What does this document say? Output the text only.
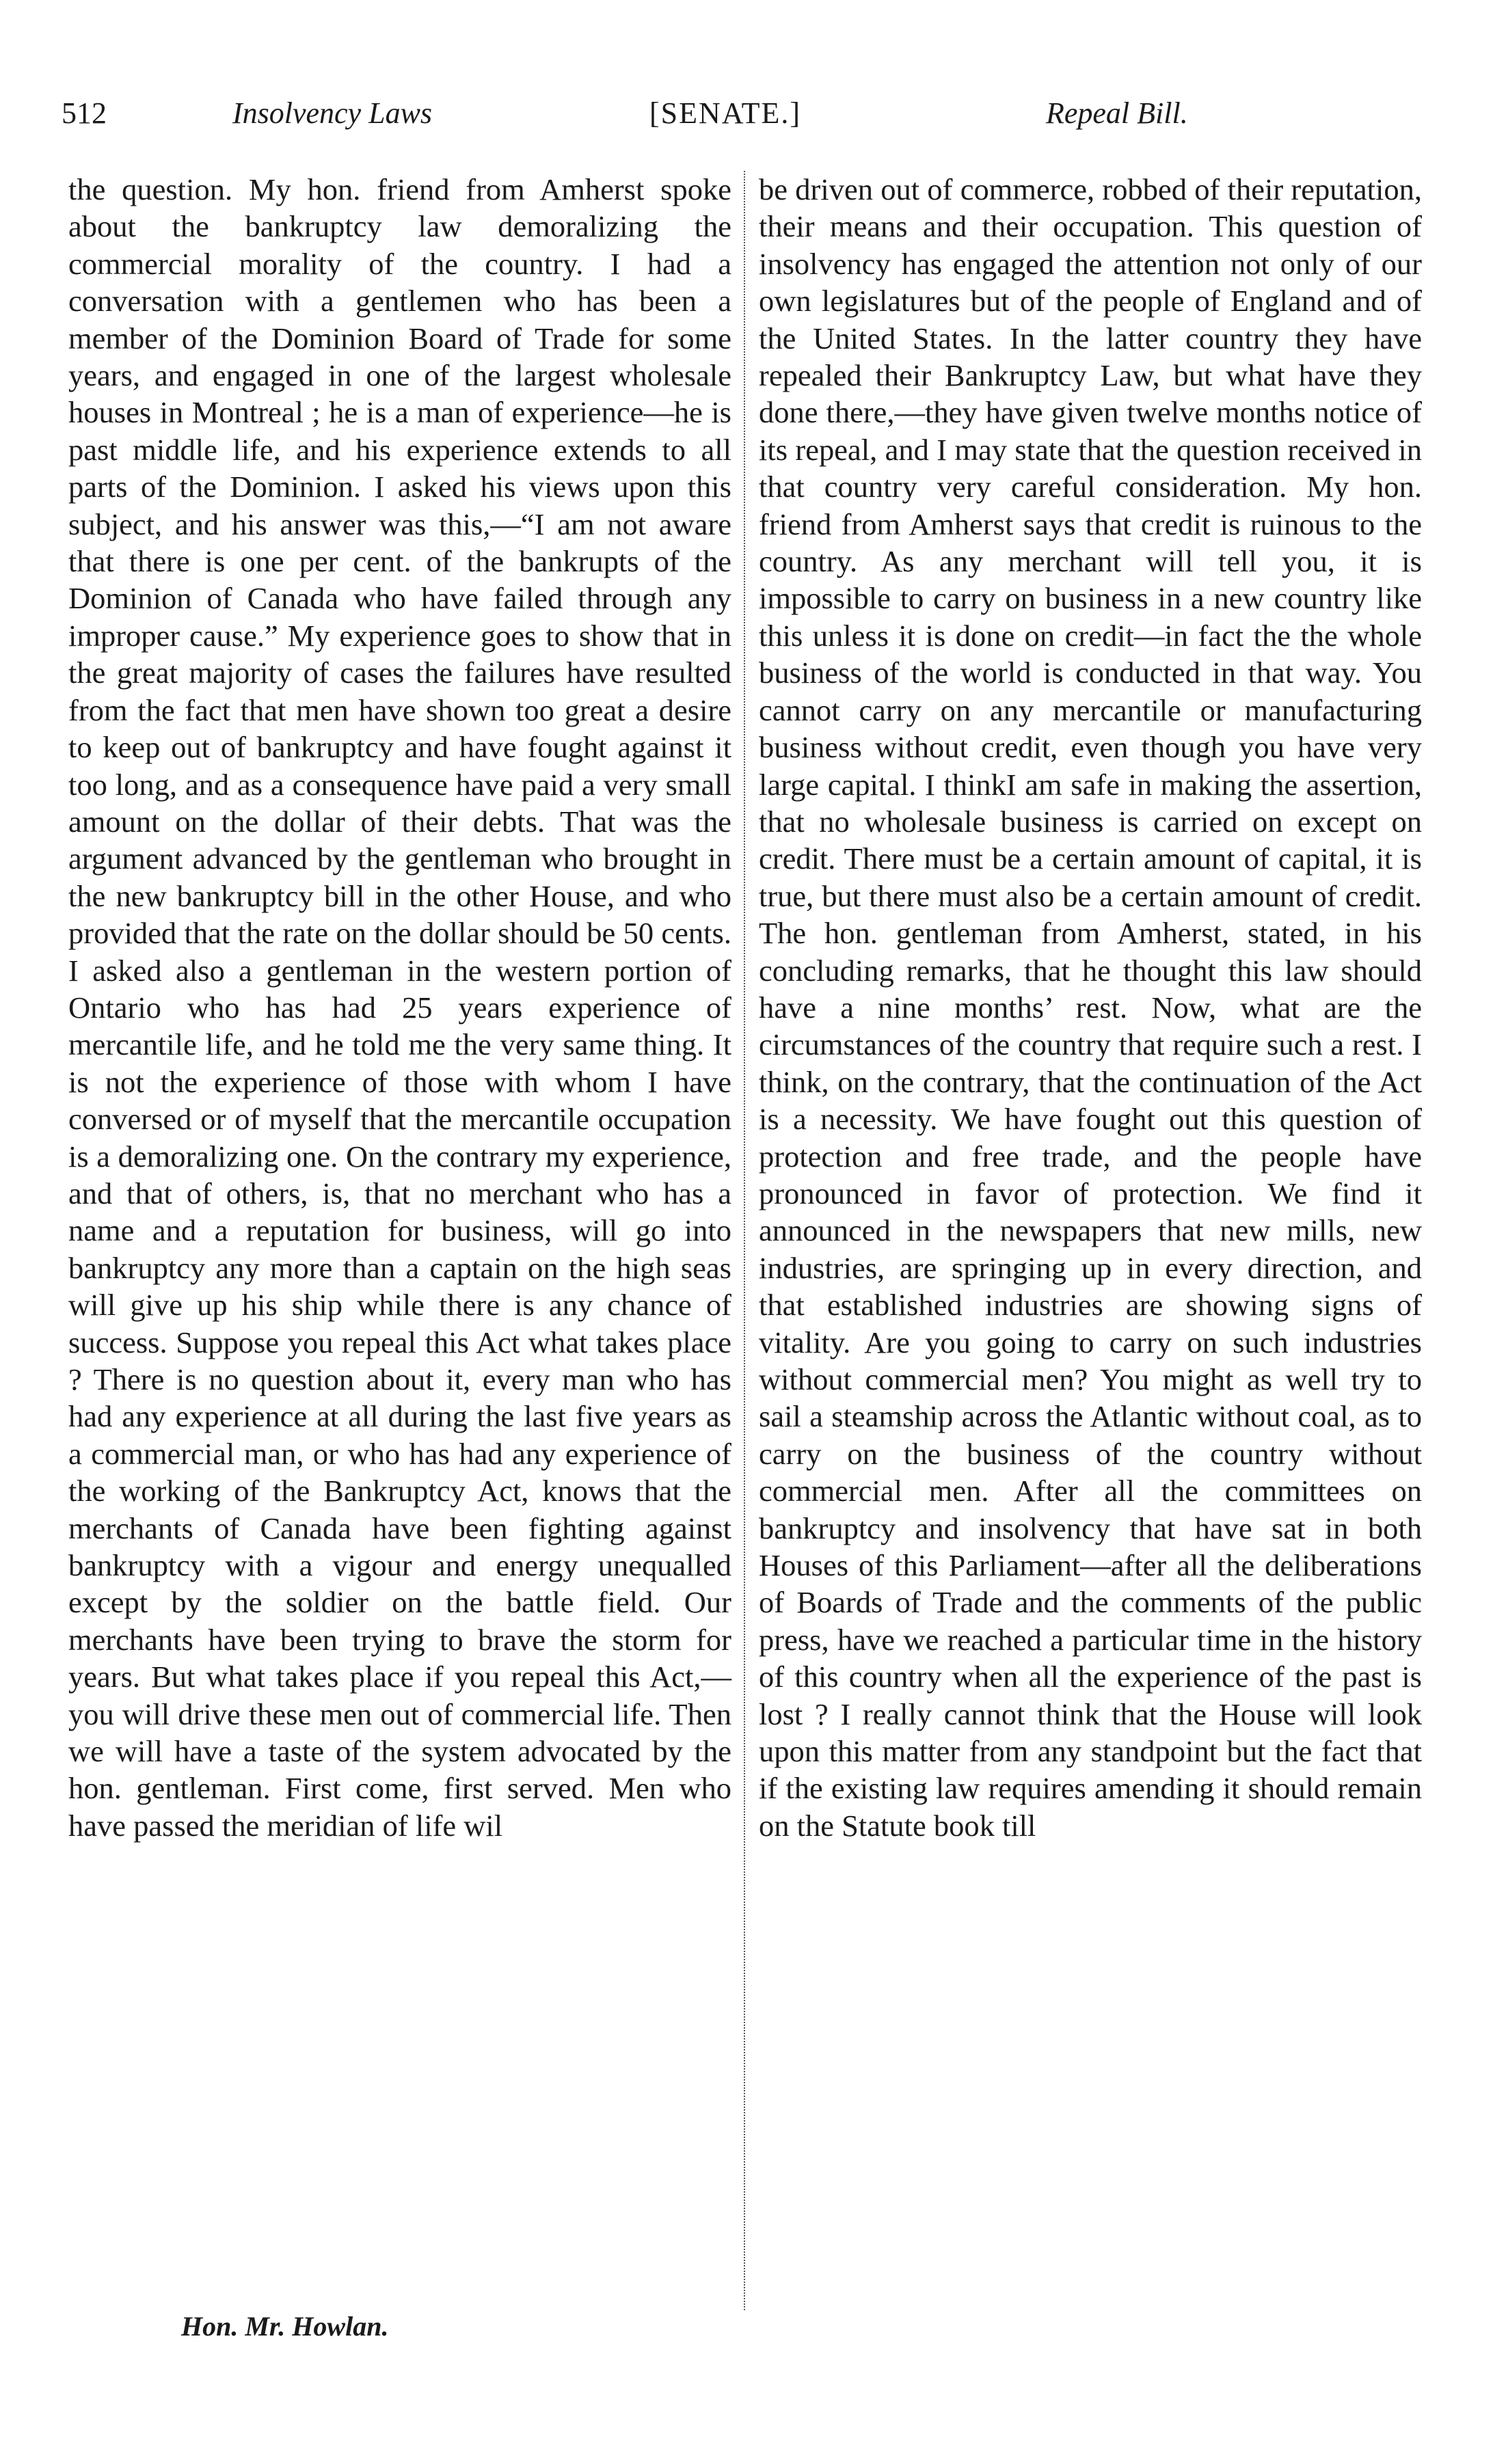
512	Insolvency Laws	[SENATE.]	Repeal Bill.
the question. My hon. friend from Amherst spoke about the bankruptcy law demoralizing the commercial morality of the country. I had a conversation with a gentlemen who has been a member of the Dominion Board of Trade for some years, and engaged in one of the largest wholesale houses in Montreal ; he is a man of experience—he is past middle life, and his experience extends to all parts of the Dominion. I asked his views upon this subject, and his answer was this,—“I am not aware that there is one per cent. of the bankrupts of the Dominion of Canada who have failed through any improper cause.” My experience goes to show that in the great majority of cases the failures have resulted from the fact that men have shown too great a desire to keep out of bankruptcy and have fought against it too long, and as a consequence have paid a very small amount on the dollar of their debts. That was the argument advanced by the gentleman who brought in the new bankruptcy bill in the other House, and who provided that the rate on the dollar should be 50 cents. I asked also a gentleman in the western portion of Ontario who has had 25 years experience of mercantile life, and he told me the very same thing. It is not the experience of those with whom I have conversed or of myself that the mercantile occupation is a demoralizing one. On the contrary my experience, and that of others, is, that no merchant who has a name and a reputation for business, will go into bankruptcy any more than a captain on the high seas will give up his ship while there is any chance of success. Suppose you repeal this Act what takes place ? There is no question about it, every man who has had any experience at all during the last five years as a commercial man, or who has had any experience of the working of the Bankruptcy Act, knows that the merchants of Canada have been fighting against bankruptcy with a vigour and energy unequalled except by the soldier on the battle field. Our merchants have been trying to brave the storm for years. But what takes place if you repeal this Act,—you will drive these men out of commercial life. Then we will have a taste of the system advocated by the hon. gentleman. First come, first served. Men who have passed the meridian of life wil
be driven out of commerce, robbed of their reputation, their means and their occupation. This question of insolvency has engaged the attention not only of our own legislatures but of the people of England and of the United States. In the latter country they have repealed their Bankruptcy Law, but what have they done there,—they have given twelve months notice of its repeal, and I may state that the question received in that country very careful consideration. My hon. friend from Amherst says that credit is ruinous to the country. As any merchant will tell you, it is impossible to carry on business in a new country like this unless it is done on credit—in fact the the whole business of the world is conducted in that way. You cannot carry on any mercantile or manufacturing business without credit, even though you have very large capital. I thinkI am safe in making the assertion, that no wholesale business is carried on except on credit. There must be a certain amount of capital, it is true, but there must also be a certain amount of credit. The hon. gentleman from Amherst, stated, in his concluding remarks, that he thought this law should have a nine months’ rest. Now, what are the circumstances of the country that require such a rest. I think, on the contrary, that the continuation of the Act is a necessity. We have fought out this question of protection and free trade, and the people have pronounced in favor of protection. We find it announced in the newspapers that new mills, new industries, are springing up in every direction, and that established industries are showing signs of vitality. Are you going to carry on such industries without commercial men? You might as well try to sail a steamship across the Atlantic without coal, as to carry on the business of the country without commercial men. After all the committees on bankruptcy and insolvency that have sat in both Houses of this Parliament—after all the deliberations of Boards of Trade and the comments of the public press, have we reached a particular time in the history of this country when all the experience of the past is lost ? I really cannot think that the House will look upon this matter from any standpoint but the fact that if the existing law requires amending it should remain on the Statute book till
Hon. Mr. Howlan.
